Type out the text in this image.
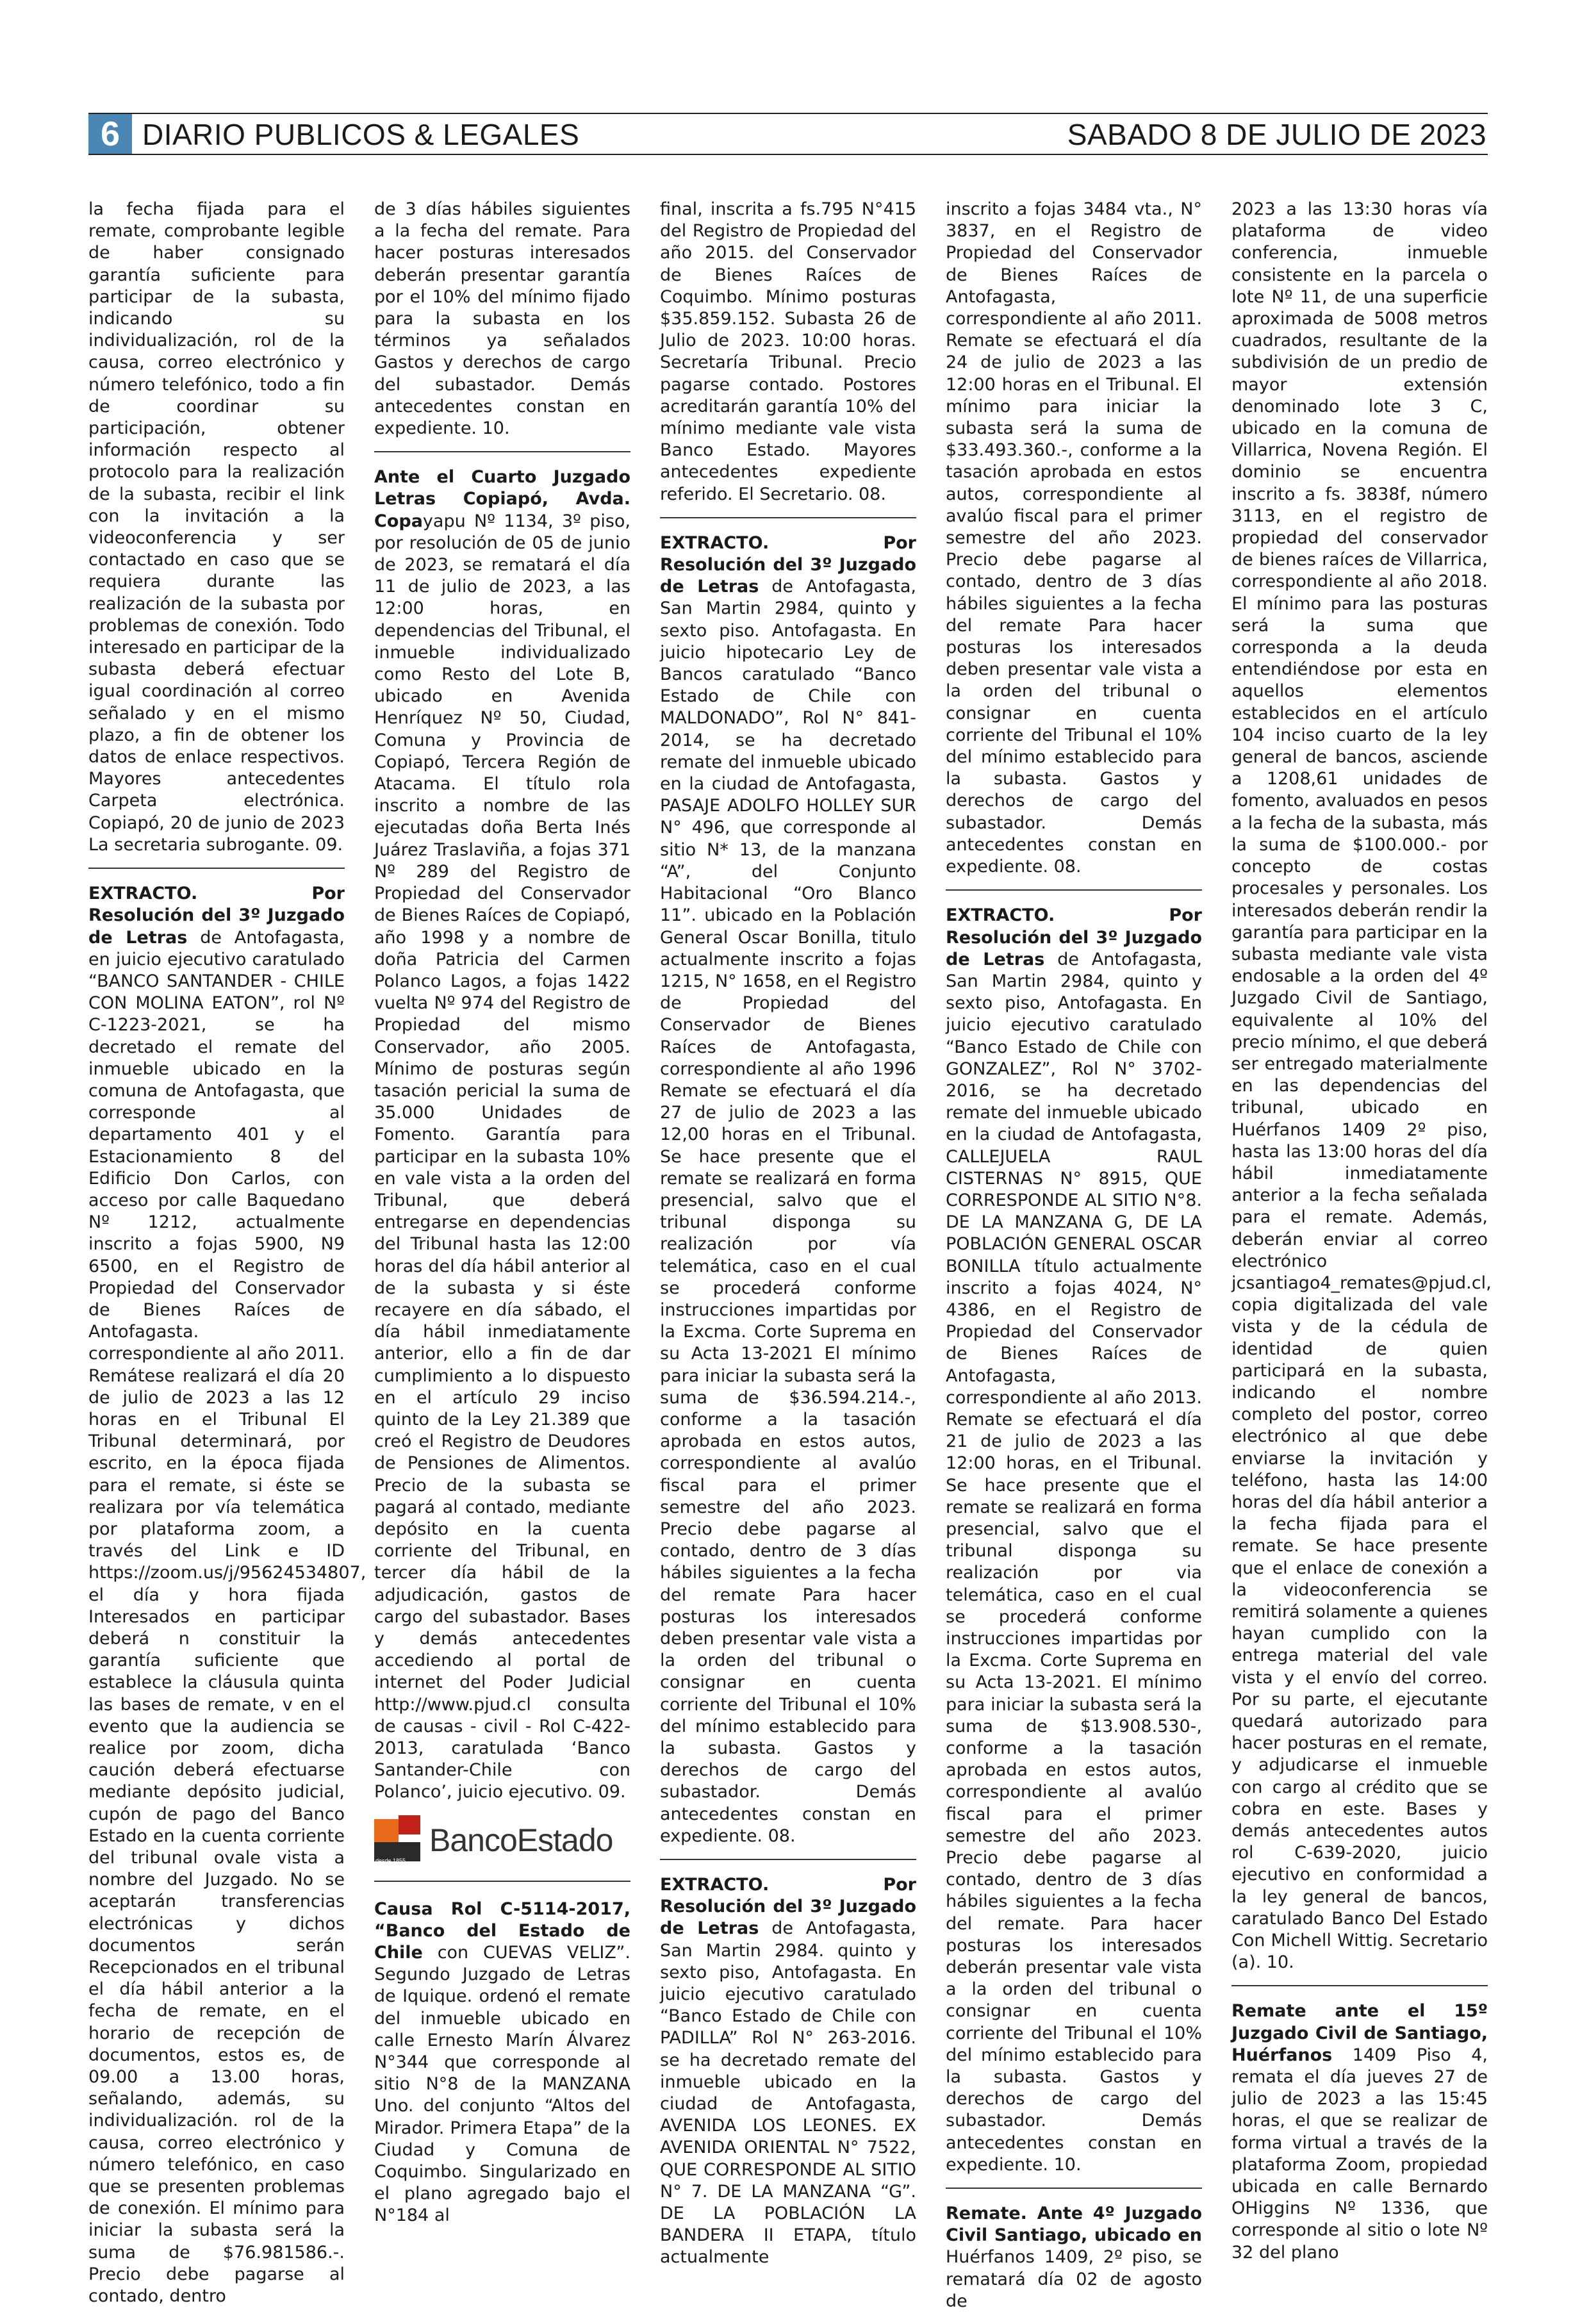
6 DIARIO PUBLICOS & LEGALES	SABADO 8 DE JULIO DE 2023

la fecha fijada para el remate, comprobante legible de haber consignado garantía suficiente para participar de la subasta, indicando su individualización, rol de la causa, correo electrónico y número telefónico, todo a fin de coordinar su participación, obtener información respecto al protocolo para la realización de la subasta, recibir el link con la invitación a la videoconferencia y ser contactado en caso que se requiera durante las realización de la subasta por problemas de conexión. Todo interesado en participar de la subasta deberá efectuar igual coordinación al correo señalado y en el mismo plazo, a fin de obtener los datos de enlace respectivos. Mayores antecedentes Carpeta electrónica. Copiapó, 20 de junio de 2023 La secretaria subrogante. 09.

EXTRACTO. Por Resolución del 3º Juzgado de Letras de Antofagasta, en juicio ejecutivo caratulado “BANCO SANTANDER - CHILE CON MOLINA EATON”, rol Nº C-1223-2021, se ha decretado el remate del inmueble ubicado en la comuna de Antofagasta, que corresponde al departamento 401 y el Estacionamiento 8 del Edificio Don Carlos, con acceso por calle Baquedano Nº 1212, actualmente inscrito a fojas 5900, N9 6500, en el Registro de Propiedad del Conservador de Bienes Raíces de Antofagasta. correspondiente al año 2011. Remátese realizará el día 20 de julio de 2023 a las 12 horas en el Tribunal El Tribunal determinará, por escrito, en la época fijada para el remate, si éste se realizara por vía telemática por plataforma zoom, a través del Link e ID https://zoom.us/j/95624534807, el día y hora fijada Interesados en participar deberá n constituir la garantía suficiente que establece la cláusula quinta las bases de remate, v en el evento que la audiencia se realice por zoom, dicha caución deberá efectuarse mediante depósito judicial, cupón de pago del Banco Estado en la cuenta corriente del tribunal ovale vista a nombre del Juzgado. No se aceptarán transferencias electrónicas y dichos documentos serán Recepcionados en el tribunal el día hábil anterior a la fecha de remate, en el horario de recepción de documentos, estos es, de 09.00 a 13.00 horas, señalando, además, su individualización. rol de la causa, correo electrónico y número telefónico, en caso que se presenten problemas de conexión. El mínimo para iniciar la subasta será la suma de $76.981586.-. Precio debe pagarse al contado, dentro

de 3 días hábiles siguientes a la fecha del remate. Para hacer posturas interesados deberán presentar garantía por el 10% del mínimo fijado para la subasta en los términos ya señalados Gastos y derechos de cargo del subastador. Demás antecedentes constan en expediente. 10.

Ante el Cuarto Juzgado Letras Copiapó, Avda. Copayapu Nº 1134, 3º piso, por resolución de 05 de junio de 2023, se rematará el día 11 de julio de 2023, a las 12:00 horas, en dependencias del Tribunal, el inmueble individualizado como Resto del Lote B, ubicado en Avenida Henríquez Nº 50, Ciudad, Comuna y Provincia de Copiapó, Tercera Región de Atacama. El título rola inscrito a nombre de las ejecutadas doña Berta Inés Juárez Traslaviña, a fojas 371 Nº 289 del Registro de Propiedad del Conservador de Bienes Raíces de Copiapó, año 1998 y a nombre de doña Patricia del Carmen Polanco Lagos, a fojas 1422 vuelta Nº 974 del Registro de Propiedad del mismo Conservador, año 2005. Mínimo de posturas según tasación pericial la suma de 35.000 Unidades de Fomento. Garantía para participar en la subasta 10% en vale vista a la orden del Tribunal, que deberá entregarse en dependencias del Tribunal hasta las 12:00 horas del día hábil anterior al de la subasta y si éste recayere en día sábado, el día hábil inmediatamente anterior, ello a fin de dar cumplimiento a lo dispuesto en el artículo 29 inciso quinto de la Ley 21.389 que creó el Registro de Deudores de Pensiones de Alimentos. Precio de la subasta se pagará al contado, mediante depósito en la cuenta corriente del Tribunal, en tercer día hábil de la adjudicación, gastos de cargo del subastador. Bases y demás antecedentes accediendo al portal de internet del Poder Judicial http://www.pjud.cl consulta de causas - civil - Rol C-422-2013, caratulada ‘Banco Santander-Chile con Polanco’, juicio ejecutivo. 09.

desde 1855
BancoEstado

Causa Rol C-5114-2017, “Banco del Estado de Chile con CUEVAS VELIZ”. Segundo Juzgado de Letras de Iquique. ordenó el remate del inmueble ubicado en calle Ernesto Marín Álvarez N°344 que corresponde al sitio N°8 de la MANZANA Uno. del conjunto “Altos del Mirador. Primera Etapa” de la Ciudad y Comuna de Coquimbo. Singularizado en el plano agregado bajo el N°184 al

final, inscrita a fs.795 N°415 del Registro de Propiedad del año 2015. del Conservador de Bienes Raíces de Coquimbo. Mínimo posturas $35.859.152. Subasta 26 de Julio de 2023. 10:00 horas. Secretaría Tribunal. Precio pagarse contado. Postores acreditarán garantía 10% del mínimo mediante vale vista Banco Estado. Mayores antecedentes expediente referido. El Secretario. 08.

EXTRACTO. Por Resolución del 3º Juzgado de Letras de Antofagasta, San Martin 2984, quinto y sexto piso. Antofagasta. En juicio hipotecario Ley de Bancos caratulado “Banco Estado de Chile con MALDONADO”, Rol N° 841-2014, se ha decretado remate del inmueble ubicado en la ciudad de Antofagasta, PASAJE ADOLFO HOLLEY SUR N° 496, que corresponde al sitio N* 13, de la manzana “A”, del Conjunto Habitacional “Oro Blanco 11”. ubicado en la Población General Oscar Bonilla, titulo actualmente inscrito a fojas 1215, N° 1658, en el Registro de Propiedad del Conservador de Bienes Raíces de Antofagasta, correspondiente al año 1996 Remate se efectuará el día 27 de julio de 2023 a las 12,00 horas en el Tribunal. Se hace presente que el remate se realizará en forma presencial, salvo que el tribunal disponga su realización por vía telemática, caso en el cual se procederá conforme instrucciones impartidas por la Excma. Corte Suprema en su Acta 13-2021 El mínimo para iniciar la subasta será la suma de $36.594.214.-, conforme a la tasación aprobada en estos autos, correspondiente al avalúo fiscal para el primer semestre del año 2023. Precio debe pagarse al contado, dentro de 3 días hábiles siguientes a la fecha del remate Para hacer posturas los interesados deben presentar vale vista a la orden del tribunal o consignar en cuenta corriente del Tribunal el 10% del mínimo establecido para la subasta. Gastos y derechos de cargo del subastador. Demás antecedentes constan en expediente. 08.

EXTRACTO. Por Resolución del 3º Juzgado de Letras de Antofagasta, San Martin 2984. quinto y sexto piso, Antofagasta. En juicio ejecutivo caratulado “Banco Estado de Chile con PADILLA” Rol N° 263-2016. se ha decretado remate del inmueble ubicado en la ciudad de Antofagasta, AVENIDA LOS LEONES. EX AVENIDA ORIENTAL N° 7522, QUE CORRESPONDE AL SITIO N° 7. DE LA MANZANA “G”. DE LA POBLACIÓN LA BANDERA II ETAPA, título actualmente

inscrito a fojas 3484 vta., N° 3837, en el Registro de Propiedad del Conservador de Bienes Raíces de Antofagasta, correspondiente al año 2011. Remate se efectuará el día 24 de julio de 2023 a las 12:00 horas en el Tribunal. El mínimo para iniciar la subasta será la suma de $33.493.360.-, conforme a la tasación aprobada en estos autos, correspondiente al avalúo fiscal para el primer semestre del año 2023. Precio debe pagarse al contado, dentro de 3 días hábiles siguientes a la fecha del remate Para hacer posturas los interesados deben presentar vale vista a la orden del tribunal o consignar en cuenta corriente del Tribunal el 10% del mínimo establecido para la subasta. Gastos y derechos de cargo del subastador. Demás antecedentes constan en expediente. 08.

EXTRACTO. Por Resolución del 3º Juzgado de Letras de Antofagasta, San Martin 2984, quinto y sexto piso, Antofagasta. En juicio ejecutivo caratulado “Banco Estado de Chile con GONZALEZ”, Rol N° 3702-2016, se ha decretado remate del inmueble ubicado en la ciudad de Antofagasta, CALLEJUELA RAUL CISTERNAS N° 8915, QUE CORRESPONDE AL SITIO N°8. DE LA MANZANA G, DE LA POBLACIÓN GENERAL OSCAR BONILLA título actualmente inscrito a fojas 4024, N° 4386, en el Registro de Propiedad del Conservador de Bienes Raíces de Antofagasta, correspondiente al año 2013. Remate se efectuará el día 21 de julio de 2023 a las 12:00 horas, en el Tribunal. Se hace presente que el remate se realizará en forma presencial, salvo que el tribunal disponga su realización por via telemática, caso en el cual se procederá conforme instrucciones impartidas por la Excma. Corte Suprema en su Acta 13-2021. El mínimo para iniciar la subasta será la suma de $13.908.530-, conforme a la tasación aprobada en estos autos, correspondiente al avalúo fiscal para el primer semestre del año 2023. Precio debe pagarse al contado, dentro de 3 días hábiles siguientes a la fecha del remate. Para hacer posturas los interesados deberán presentar vale vista a la orden del tribunal o consignar en cuenta corriente del Tribunal el 10% del mínimo establecido para la subasta. Gastos y derechos de cargo del subastador. Demás antecedentes constan en expediente. 10.

Remate. Ante 4º Juzgado Civil Santiago, ubicado en Huérfanos 1409, 2º piso, se rematará día 02 de agosto de

2023 a las 13:30 horas vía plataforma de video conferencia, inmueble consistente en la parcela o lote Nº 11, de una superficie aproximada de 5008 metros cuadrados, resultante de la subdivisión de un predio de mayor extensión denominado lote 3 C, ubicado en la comuna de Villarrica, Novena Región. El dominio se encuentra inscrito a fs. 3838f, número 3113, en el registro de propiedad del conservador de bienes raíces de Villarrica, correspondiente al año 2018. El mínimo para las posturas será la suma que corresponda a la deuda entendiéndose por esta en aquellos elementos establecidos en el artículo 104 inciso cuarto de la ley general de bancos, asciende a 1208,61 unidades de fomento, avaluados en pesos a la fecha de la subasta, más la suma de $100.000.- por concepto de costas procesales y personales. Los interesados deberán rendir la garantía para participar en la subasta mediante vale vista endosable a la orden del 4º Juzgado Civil de Santiago, equivalente al 10% del precio mínimo, el que deberá ser entregado materialmente en las dependencias del tribunal, ubicado en Huérfanos 1409 2º piso, hasta las 13:00 horas del día hábil inmediatamente anterior a la fecha señalada para el remate. Además, deberán enviar al correo electrónico jcsantiago4_remates@pjud.cl, copia digitalizada del vale vista y de la cédula de identidad de quien participará en la subasta, indicando el nombre completo del postor, correo electrónico al que debe enviarse la invitación y teléfono, hasta las 14:00 horas del día hábil anterior a la fecha fijada para el remate. Se hace presente que el enlace de conexión a la videoconferencia se remitirá solamente a quienes hayan cumplido con la entrega material del vale vista y el envío del correo. Por su parte, el ejecutante quedará autorizado para hacer posturas en el remate, y adjudicarse el inmueble con cargo al crédito que se cobra en este. Bases y demás antecedentes autos rol C-639-2020, juicio ejecutivo en conformidad a la ley general de bancos, caratulado Banco Del Estado Con Michell Wittig. Secretario (a). 10.

Remate ante el 15º Juzgado Civil de Santiago, Huérfanos 1409 Piso 4, remata el día jueves 27 de julio de 2023 a las 15:45 horas, el que se realizar de forma virtual a través de la plataforma Zoom, propiedad ubicada en calle Bernardo OHiggins Nº 1336, que corresponde al sitio o lote Nº 32 del plano
